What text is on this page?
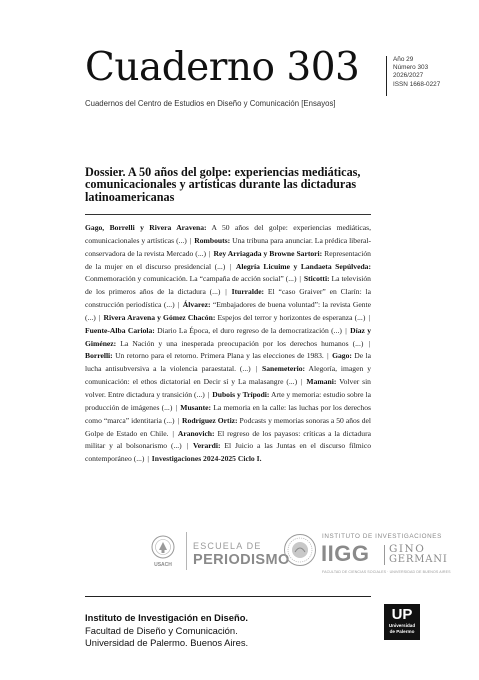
Cuaderno 303	Año 29
Número 303
2026/2027
ISSN 1668-0227
Cuadernos del Centro de Estudios en Diseño y Comunicación [Ensayos]
Dossier. A 50 años del golpe: experiencias mediáticas, comunicacionales y artísticas durante las dictaduras latinoamericanas
Gago, Borrelli y Rivera Aravena: A 50 años del golpe: experiencias mediáticas, comunicacionales y artísticas (...) | Rombouts: Una tribuna para anunciar. La prédica liberal-conservadora de la revista Mercado (...) | Rey Arriagada y Browne Sartori: Representación de la mujer en el discurso presidencial (...) | Alegría Licuime y Landaeta Sepúlveda: Conmemoración y comunicación. La “campaña de acción social” (...) | Sticotti: La televisión de los primeros años de la dictadura (...) | Iturralde: El “caso Graiver” en Clarín: la construcción periodística (...) | Álvarez: “Embajadores de buena voluntad”: la revista Gente (...) | Rivera Aravena y Gómez Chacón: Espejos del terror y horizontes de esperanza (...) | Fuente-Alba Cariola: Diario La Época, el duro regreso de la democratización (...) | Díaz y Giménez: La Nación y una inesperada preocupación por los derechos humanos (...) | Borrelli: Un retorno para el retorno. Primera Plana y las elecciones de 1983. | Gago: De la lucha antisubversiva a la violencia paraestatal. (...) | Sanemeterio: Alegoría, imagen y comunicación: el ethos dictatorial en Decir sí y La malasangre (...) | Mamani: Volver sin volver. Entre dictadura y transición (...) | Dubois y Trípodi: Arte y memoria: estudio sobre la producción de imágenes (...) | Musante: La memoria en la calle: las luchas por los derechos como “marca” identitaria (...) | Rodríguez Ortiz: Podcasts y memorias sonoras a 50 años del Golpe de Estado en Chile. | Aranovich: El regreso de los payasos: críticas a la dictadura militar y al bolsonarismo (...) | Verardi: El Juicio a las Juntas en el discurso fílmico contemporáneo (...) | Investigaciones 2024-2025 Ciclo I.
USACH
ESCUELA DE
PERIODISMO
INSTITUTO DE INVESTIGACIONES
IIGG GINO
GERMANI
FACULTAD DE CIENCIAS SOCIALES · UNIVERSIDAD DE BUENOS AIRES
Instituto de Investigación en Diseño.
Facultad de Diseño y Comunicación.
Universidad de Palermo. Buenos Aires.
UP
Universidad
de Palermo
